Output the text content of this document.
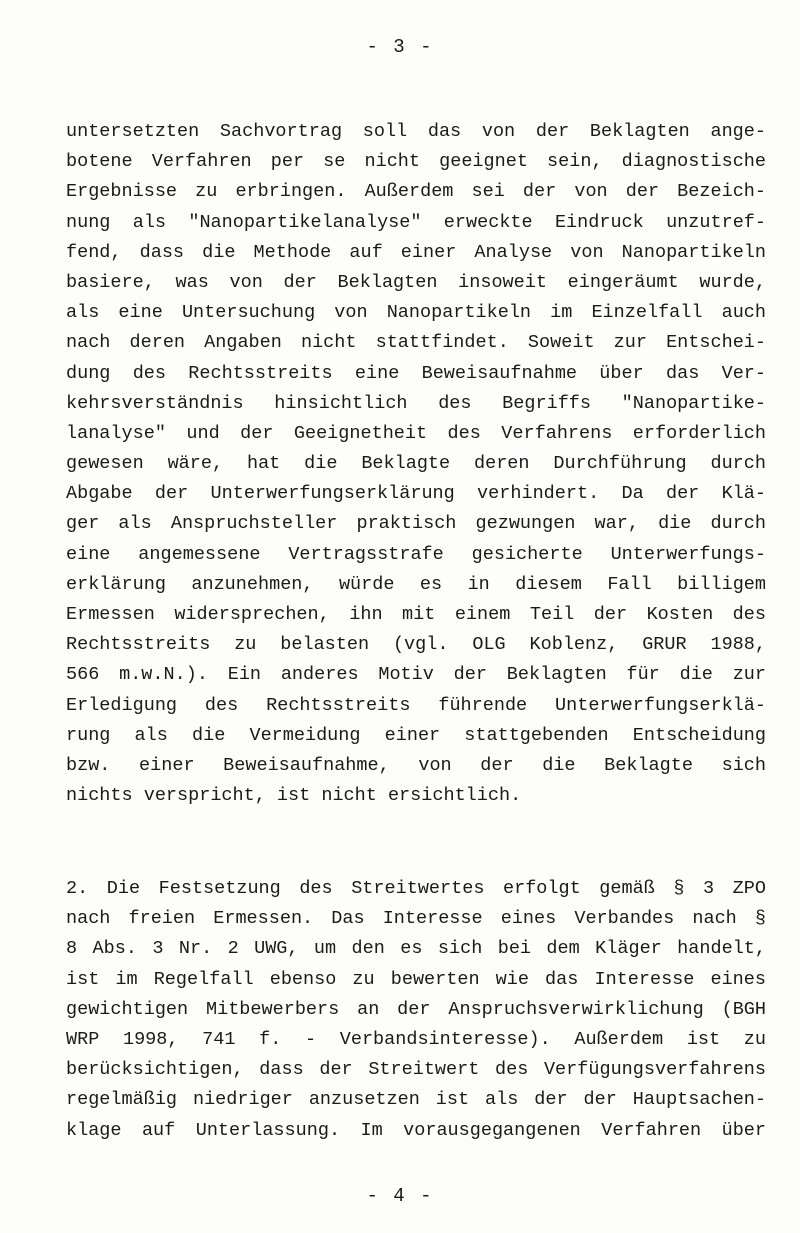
- 3 -

untersetzten Sachvortrag soll das von der Beklagten ange-
botene Verfahren per se nicht geeignet sein, diagnostische
Ergebnisse zu erbringen. Außerdem sei der von der Bezeich-
nung als "Nanopartikelanalyse" erweckte Eindruck unzutref-
fend, dass die Methode auf einer Analyse von Nanopartikeln
basiere, was von der Beklagten insoweit eingeräumt wurde,
als eine Untersuchung von Nanopartikeln im Einzelfall auch
nach deren Angaben nicht stattfindet. Soweit zur Entschei-
dung des Rechtsstreits eine Beweisaufnahme über das Ver-
kehrsverständnis hinsichtlich des Begriffs "Nanopartike-
lanalyse" und der Geeignetheit des Verfahrens erforderlich
gewesen wäre, hat die Beklagte deren Durchführung durch
Abgabe der Unterwerfungserklärung verhindert. Da der Klä-
ger als Anspruchsteller praktisch gezwungen war, die durch
eine angemessene Vertragsstrafe gesicherte Unterwerfungs-
erklärung anzunehmen, würde es in diesem Fall billigem
Ermessen widersprechen, ihn mit einem Teil der Kosten des
Rechtsstreits zu belasten (vgl. OLG Koblenz, GRUR 1988,
566 m.w.N.). Ein anderes Motiv der Beklagten für die zur
Erledigung des Rechtsstreits führende Unterwerfungserklä-
rung als die Vermeidung einer stattgebenden Entscheidung
bzw. einer Beweisaufnahme, von der die Beklagte sich
nichts verspricht, ist nicht ersichtlich.

2. Die Festsetzung des Streitwertes erfolgt gemäß § 3 ZPO
nach freien Ermessen. Das Interesse eines Verbandes nach §
8 Abs. 3 Nr. 2 UWG, um den es sich bei dem Kläger handelt,
ist im Regelfall ebenso zu bewerten wie das Interesse eines
gewichtigen Mitbewerbers an der Anspruchsverwirklichung (BGH
WRP 1998, 741 f. - Verbandsinteresse). Außerdem ist zu
berücksichtigen, dass der Streitwert des Verfügungsverfahrens
regelmäßig niedriger anzusetzen ist als der der Hauptsachen-
klage auf Unterlassung. Im vorausgegangenen Verfahren über

- 4 -
